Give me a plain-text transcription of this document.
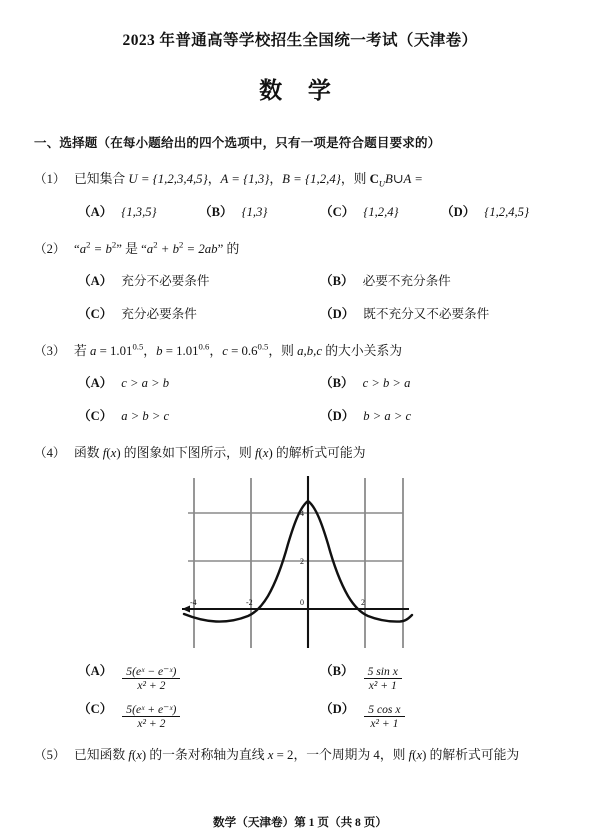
2023 年普通高等学校招生全国统一考试（天津卷）
数 学
一、选择题（在每小题给出的四个选项中，只有一项是符合题目要求的）
（1） 已知集合 U = {1,2,3,4,5}，A = {1,3}，B = {1,2,4}，则 $C_UB\cup A$ =
（A） {1,3,5}	（B） {1,3}	（C） {1,2,4}	（D） {1,2,4,5}
（2） “$a^2 = b^2$” 是 “$a^2 + b^2 = 2ab$” 的
（A） 充分不必要条件	（B） 必要不充分条件
（C） 充分必要条件	（D） 既不充分又不必要条件
（3） 若 $a = 1.01^{0.5}$，$b = 1.01^{0.6}$，$c = 0.6^{0.5}$，则 a,b,c 的大小关系为
（A） c > a > b	（B） c > b > a
（C） a > b > c	（D） b > a > c
（4） 函数 f(x) 的图象如下图所示，则 f(x) 的解析式可能为
-4	-2	0	2
4
2
$(A) \frac{\text{5(eˣ − e⁻ˣ)}}{\text{x² + 2}}$	$(B) \frac{\text{5 sin x}}{\text{x² + 1}}$
$(C) \frac{\text{5(eˣ + e⁻ˣ)}}{\text{x² + 2}}$	$(D) \frac{\text{5 cos x}}{\text{x² + 1}}$
（5） 已知函数 f(x) 的一条对称轴为直线 x = 2，一个周期为 4，则 f(x) 的解析式可能为
数学（天津卷）第 1 页（共 8 页）
